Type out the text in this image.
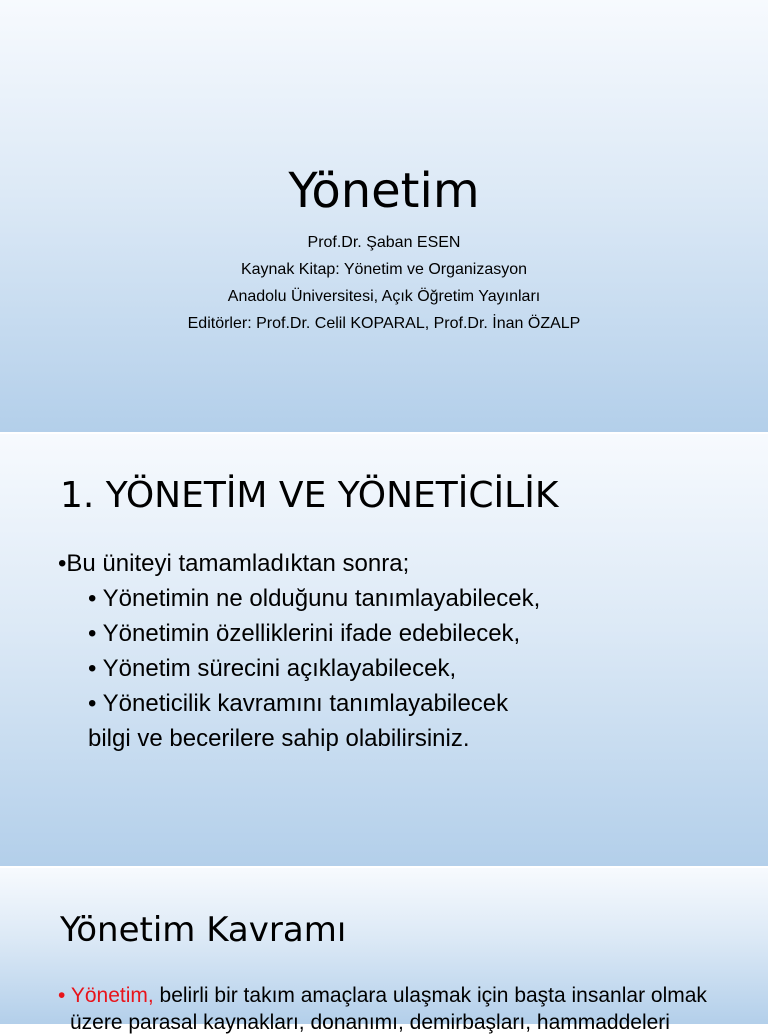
Yönetim
Prof.Dr. Şaban ESEN
Kaynak Kitap: Yönetim ve Organizasyon
Anadolu Üniversitesi, Açık Öğretim Yayınları
Editörler: Prof.Dr. Celil KOPARAL, Prof.Dr. İnan ÖZALP
1. YÖNETİM VE YÖNETİCİLİK
•Bu üniteyi tamamladıktan sonra;
• Yönetimin ne olduğunu tanımlayabilecek,
• Yönetimin özelliklerini ifade edebilecek,
• Yönetim sürecini açıklayabilecek,
• Yöneticilik kavramını tanımlayabilecek
bilgi ve becerilere sahip olabilirsiniz.
Yönetim Kavramı
• Yönetim, belirli bir takım amaçlara ulaşmak için başta insanlar olmak
üzere parasal kaynakları, donanımı, demirbaşları, hammaddeleri
